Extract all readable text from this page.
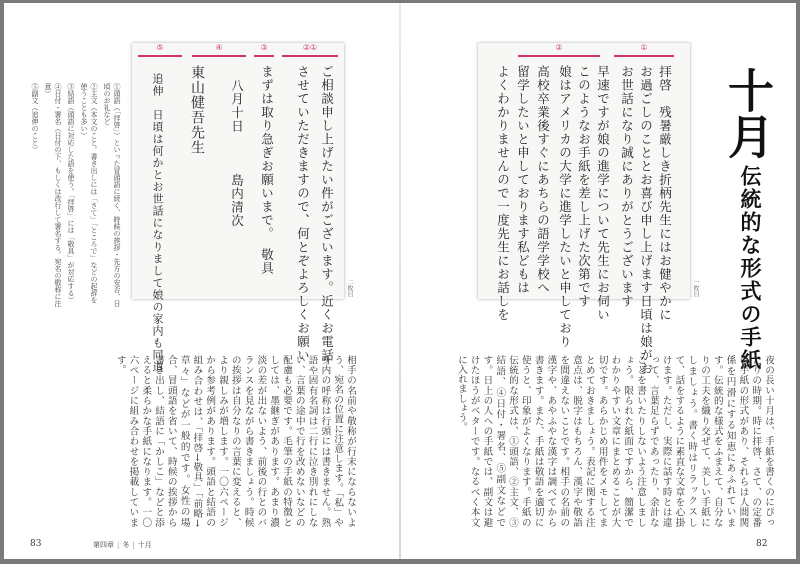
⑤	④	③	②①
ご相談申し上げたい件がございます。近くお電話
させていただきますので、何とぞよろしくお願い
まずは取り急ぎお願いまで。　敬具
八月十日　　　島内清次
東山健吾先生
追伸　日頃は何かとお世話になりまして娘の家内も同道	二枚目
①頭語（「拝啓」）といった冒頭語に続く、時候の挨拶・先方の安否、日頃のお礼など
②主文（本文のこと。書き出しには「さて」「ところで」などの起辞を使うことも多い）
③結語（頭語に対応した語を使う。「拝啓」には「敬具」が対応する）
④日付・署名（日付の下、もしくは改行して署名する。宛名の敬称に注意）
⑤副文（追伸のこと）
相手の名前や敬称が行末にならないよう、宛名の位置に注意します。「私」や身内の呼称は行頭には書きません。熟語や固有名詞は二行に泣き別れにしない、言葉の途中で行を改めないなどの配慮も必要です。毛筆の手紙の特徴としては、墨継ぎがあります。あまり濃淡の差が出ないよう、前後の行とのバランスを見ながら書きましょう。時候の挨拶は自分なりの言葉に変えると、より親しみが増します。一〇六ページから参考例があります。頭語と結語の組み合わせは、「拝啓→敬具」「前略→草々」などが一般的です。女性の場合、冒頭語を省いて、時候の挨拶から書き出し、結語に「かしこ」などと添えると柔らかな手紙になります。一〇六ページに組み合わせを掲載しています。
83	第四章 | 冬 | 十月
②	①
拝啓　残暑厳しき折柄先生にはお健やかに
お過ごしのこととお喜び申し上げます日頃は娘がお
お世話になり誠にありがとうございます
早速ですが娘の進学について先生にお伺い
このようなお手紙を差し上げた次第です
娘はアメリカの大学に進学したいと申しており
高校卒業後すぐにあちらの語学学校へ
留学したいと申しております私どもは
よくわかりませんので一度先生にお話しを	一枚目
十月
伝統的な形式の手紙
夜の長い十月は、手紙を書くのにぴったりの時期。時に拝啓、さて、の定番の手紙の形式があり、それらは人間関係を円滑にする知恵にあふれています。伝統的な様式をふまえて、自分なりの工夫を織り交ぜて、美しい手紙にしましょう。書く時はリラックスして、話をするように素直な文章を心掛けます。ただし、実際に話す時とは違って、言葉足らずであったり、余計なことを書いたりしないよう注意しましょう。限られた紙面ですから、簡潔でわかりやすい文章にまとめることが大切です。あらかじめ用件をメモしてまとめておきましょう。表記に関する注意点は、脱字はもちろん、漢字や敬語を間違えないことです。相手の名前の漢字や、あやふやな漢字は調べてから書きます。また、手紙は敬語を適切に使うと、印象がよくなります。手紙の伝統的な形式は、①頭語、②主文、③結語、④日付・署名、⑤副文などです。日上の人への手紙では、副文は避けたほうがベターです。なるべく本文に入れましょう。
82
